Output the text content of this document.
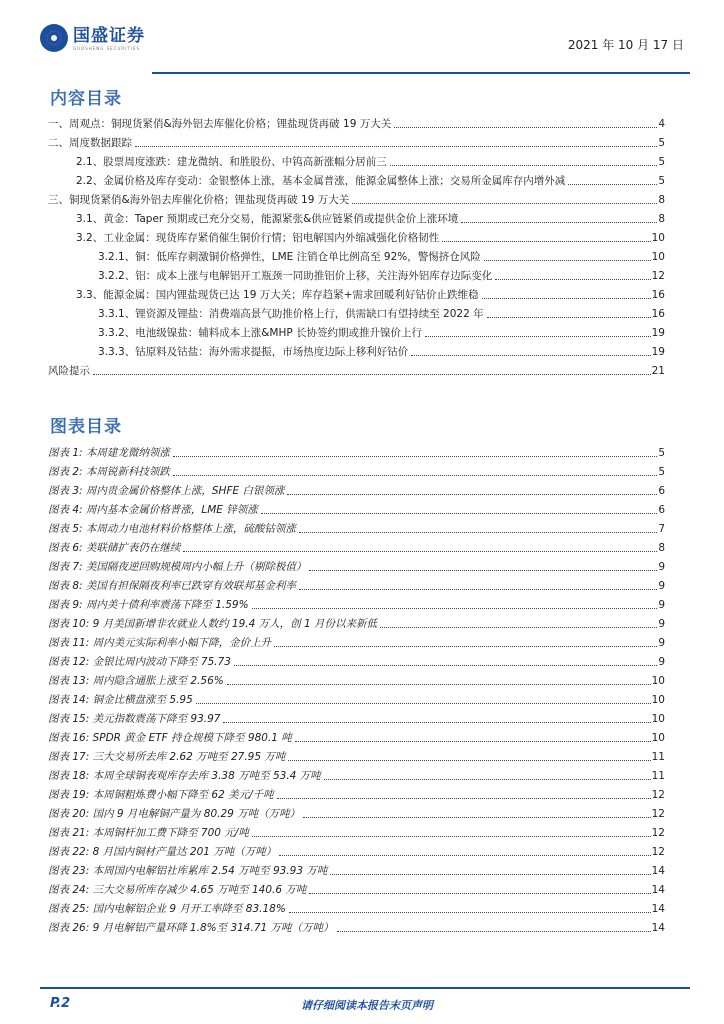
国盛证券
GUOSHENG SECURITIES	2021 年 10 月 17 日
内容目录
一、周观点：铜现货紧俏&海外铝去库催化价格；锂盐现货再破 19 万大关	4
二、周度数据跟踪	5
2.1、股票周度涨跌：建龙微纳、和胜股份、中钨高新涨幅分居前三	5
2.2、金属价格及库存变动：金银整体上涨，基本金属普涨，能源金属整体上涨；交易所金属库存内增外减	5
三、铜现货紧俏&海外铝去库催化价格；锂盐现货再破 19 万大关	8
3.1、黄金：Taper 预期或已充分交易，能源紧张&供应链紧俏或提供金价上涨环境	8
3.2、工业金属：现货库存紧俏催生铜价行情；铝电解国内外缩减强化价格韧性	10
3.2.1、铜：低库存刺激铜价格弹性，LME 注销仓单比例高至 92%，警惕挤仓风险	10
3.2.2、铝：成本上涨与电解铝开工瓶颈一同助推铝价上移，关注海外铝库存边际变化	12
3.3、能源金属：国内锂盐现货已达 19 万大关；库存趋紧+需求回暖利好钴价止跌维稳	16
3.3.1、锂资源及锂盐：消费端高景气助推价格上行，供需缺口有望持续至 2022 年	16
3.3.2、电池级镍盐：辅料成本上涨&MHP 长协签约期或推升镍价上行	19
3.3.3、钴原料及钴盐：海外需求提振，市场热度边际上移利好钴价	19
风险提示	21
图表目录
图表 1: 本周建龙微纳领涨	5
图表 2: 本周锐新科技领跌	5
图表 3: 周内贵金属价格整体上涨，SHFE 白银领涨	6
图表 4: 周内基本金属价格普涨，LME 锌领涨	6
图表 5: 本周动力电池材料价格整体上涨，硫酸钴领涨	7
图表 6: 美联储扩表仍在继续	8
图表 7: 美国隔夜逆回购规模周内小幅上升（剔除极值）	9
图表 8: 美国有担保隔夜利率已跌穿有效联邦基金利率	9
图表 9: 周内美十债利率震荡下降至 1.59%	9
图表 10: 9 月美国新增非农就业人数约 19.4 万人，创 1 月份以来新低	9
图表 11: 周内美元实际利率小幅下降，金价上升	9
图表 12: 金银比周内波动下降至 75.73	9
图表 13: 周内隐含通胀上涨至 2.56%	10
图表 14: 铜金比横盘涨至 5.95	10
图表 15: 美元指数震荡下降至 93.97	10
图表 16: SPDR 黄金 ETF 持仓规模下降至 980.1 吨	10
图表 17: 三大交易所去库 2.62 万吨至 27.95 万吨	11
图表 18: 本周全球铜表观库存去库 3.38 万吨至 53.4 万吨	11
图表 19: 本周铜粗炼费小幅下降至 62 美元/千吨	12
图表 20: 国内 9 月电解铜产量为 80.29 万吨（万吨）	12
图表 21: 本周铜杆加工费下降至 700 元/吨	12
图表 22: 8 月国内铜材产量达 201 万吨（万吨）	12
图表 23: 本周国内电解铝社库累库 2.54 万吨至 93.93 万吨	14
图表 24: 三大交易所库存减少 4.65 万吨至 140.6 万吨	14
图表 25: 国内电解铝企业 9 月开工率降至 83.18%	14
图表 26: 9 月电解铝产量环降 1.8%至 314.71 万吨（万吨）	14
P.2	请仔细阅读本报告末页声明
